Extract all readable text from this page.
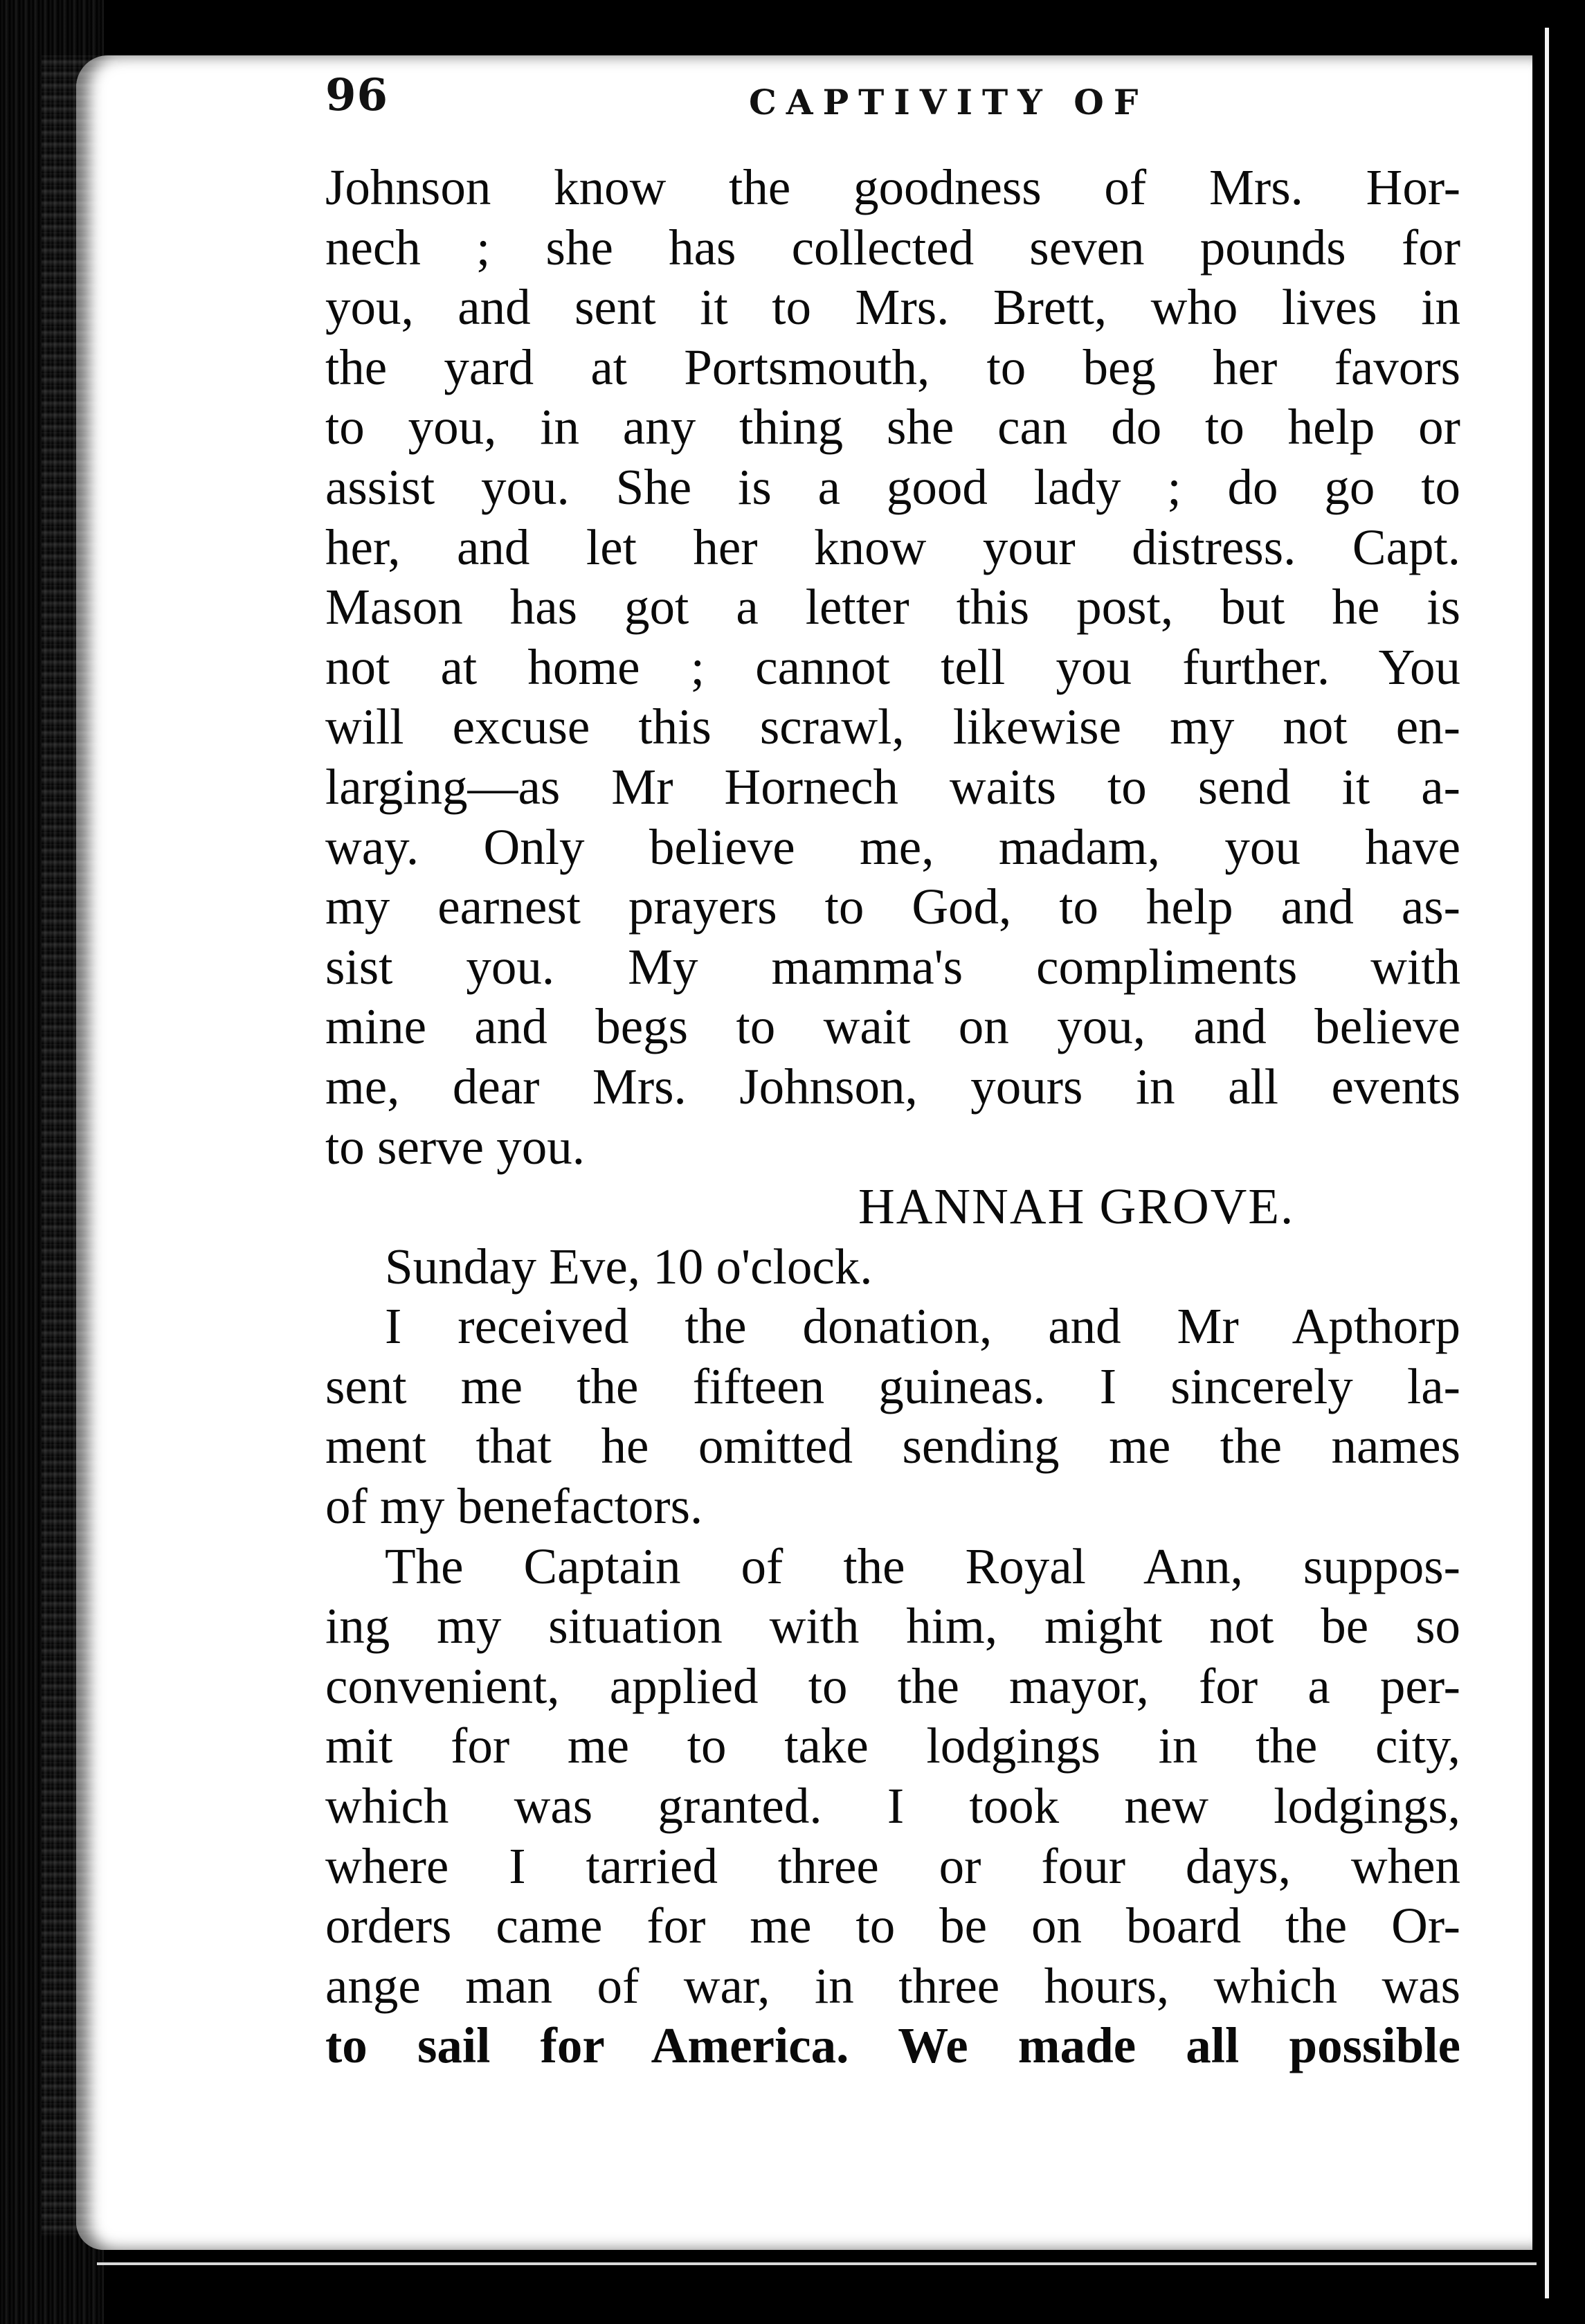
96	CAPTIVITY OF
Johnson know the goodness of Mrs. Hor-
nech ; she has collected seven pounds for
you, and sent it to Mrs. Brett, who lives in
the yard at Portsmouth, to beg her favors
to you, in any thing she can do to help or
assist you. She is a good lady ; do go to
her, and let her know your distress. Capt.
Mason has got a letter this post, but he is
not at home ; cannot tell you further. You
will excuse this scrawl, likewise my not en-
larging—as Mr Hornech waits to send it a-
way. Only believe me, madam, you have
my earnest prayers to God, to help and as-
sist you. My mamma's compliments with
mine and begs to wait on you, and believe
me, dear Mrs. Johnson, yours in all events
to serve you.
HANNAH GROVE.
Sunday Eve, 10 o'clock.
I received the donation, and Mr Apthorp
sent me the fifteen guineas. I sincerely la-
ment that he omitted sending me the names
of my benefactors.
The Captain of the Royal Ann, suppos-
ing my situation with him, might not be so
convenient, applied to the mayor, for a per-
mit for me to take lodgings in the city,
which was granted. I took new lodgings,
where I tarried three or four days, when
orders came for me to be on board the Or-
ange man of war, in three hours, which was
to sail for America. We made all possible
